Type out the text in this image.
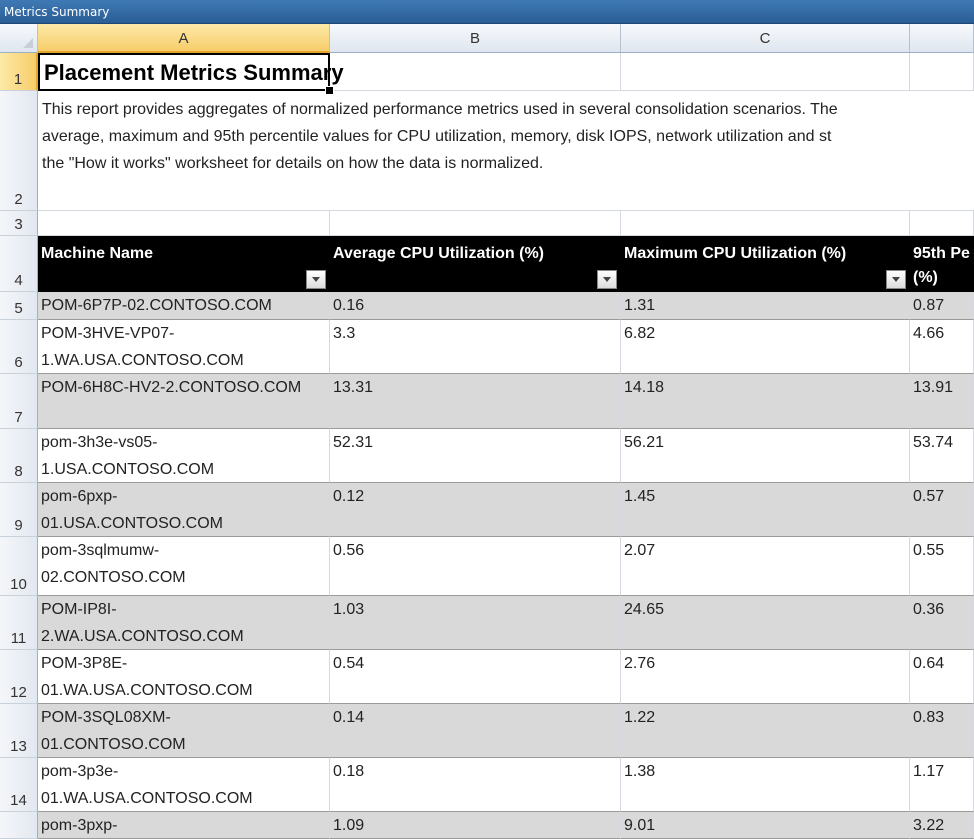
Metrics Summary
A	B	C
1
2
3
4
5
6
7
8
9
10
11
12
13
14
Placement Metrics Summary
This report provides aggregates of normalized performance metrics used in several consolidation scenarios. The
average, maximum and 95th percentile values for CPU utilization, memory, disk IOPS, network utilization and st
the "How it works" worksheet for details on how the data is normalized.
Machine Name	Average CPU Utilization (%)	Maximum CPU Utilization (%)	95th Pe
(%)
POM-6P7P-02.CONTOSO.COM	0.16	1.31	0.87
POM-3HVE-VP07-
1.WA.USA.CONTOSO.COM
3.3	6.82	4.66
POM-6H8C-HV2-2.CONTOSO.COM	13.31	14.18	13.91
pom-3h3e-vs05-
1.USA.CONTOSO.COM
52.31	56.21	53.74
pom-6pxp-
01.USA.CONTOSO.COM
0.12	1.45	0.57
pom-3sqlmumw-
02.CONTOSO.COM
0.56	2.07	0.55
POM-IP8I-
2.WA.USA.CONTOSO.COM
1.03	24.65	0.36
POM-3P8E-
01.WA.USA.CONTOSO.COM
0.54	2.76	0.64
POM-3SQL08XM-
01.CONTOSO.COM
0.14	1.22	0.83
pom-3p3e-
01.WA.USA.CONTOSO.COM
0.18	1.38	1.17
pom-3pxp-	1.09	9.01	3.22
